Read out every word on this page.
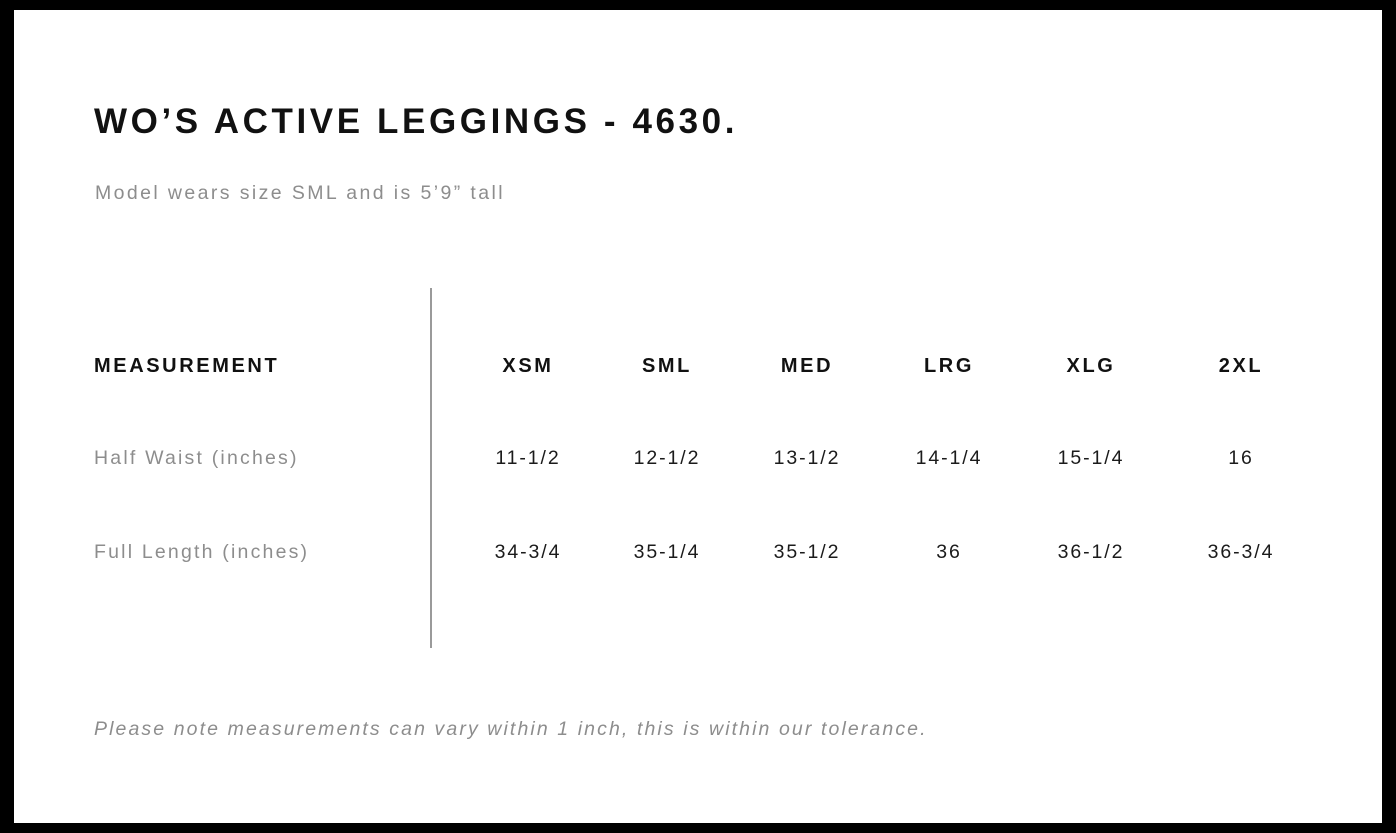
WO’S ACTIVE LEGGINGS - 4630.
Model wears size SML and is 5’9” tall
MEASUREMENT	XSM	SML	MED	LRG	XLG	2XL
Half Waist (inches)	11-1/2	12-1/2	13-1/2	14-1/4	15-1/4	16
Full Length (inches)	34-3/4	35-1/4	35-1/2	36	36-1/2	36-3/4
Please note measurements can vary within 1 inch, this is within our tolerance.
